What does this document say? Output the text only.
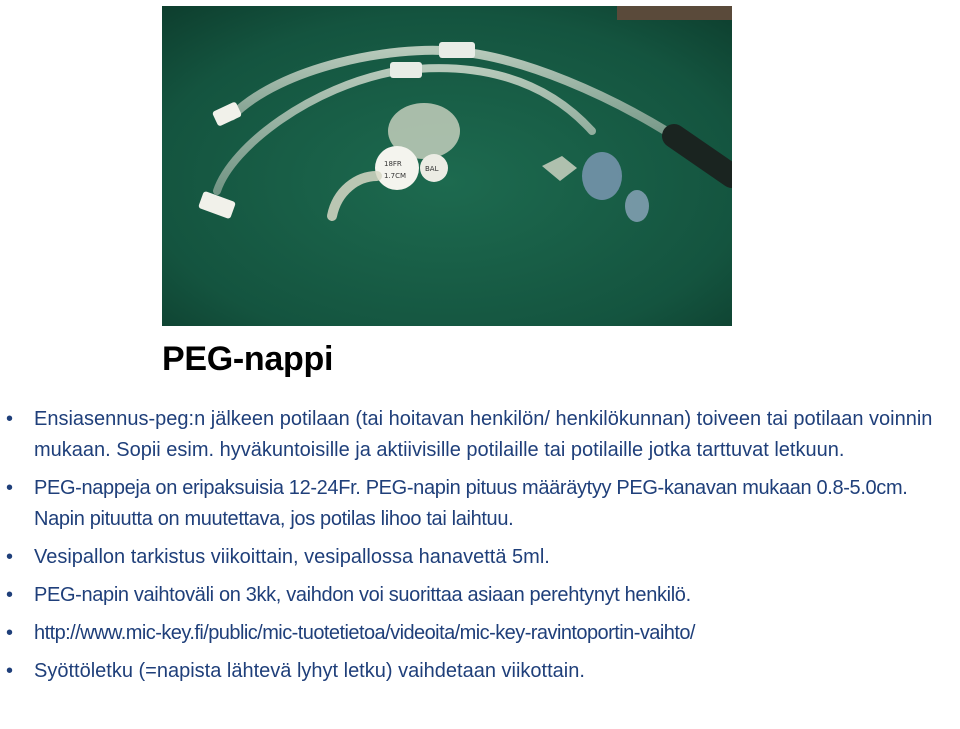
18FR
1.7CM
BAL
PEG-nappi
• Ensiasennus-peg:n jälkeen potilaan (tai hoitavan henkilön/ henkilökunnan) toiveen tai potilaan voinnin mukaan. Sopii esim. hyväkuntoisille ja aktiivisille potilaille tai potilaille jotka tarttuvat letkuun.
• PEG-nappeja on eripaksuisia 12-24Fr. PEG-napin pituus määräytyy PEG-kanavan mukaan 0.8-5.0cm. Napin pituutta on muutettava, jos potilas lihoo tai laihtuu.
• Vesipallon tarkistus viikoittain, vesipallossa hanavettä 5ml.
• PEG-napin vaihtoväli on 3kk, vaihdon voi suorittaa asiaan perehtynyt henkilö.
• http://www.mic-key.fi/public/mic-tuotetietoa/videoita/mic-key-ravintoportin-vaihto/
• Syöttöletku (=napista lähtevä lyhyt letku) vaihdetaan viikottain.
